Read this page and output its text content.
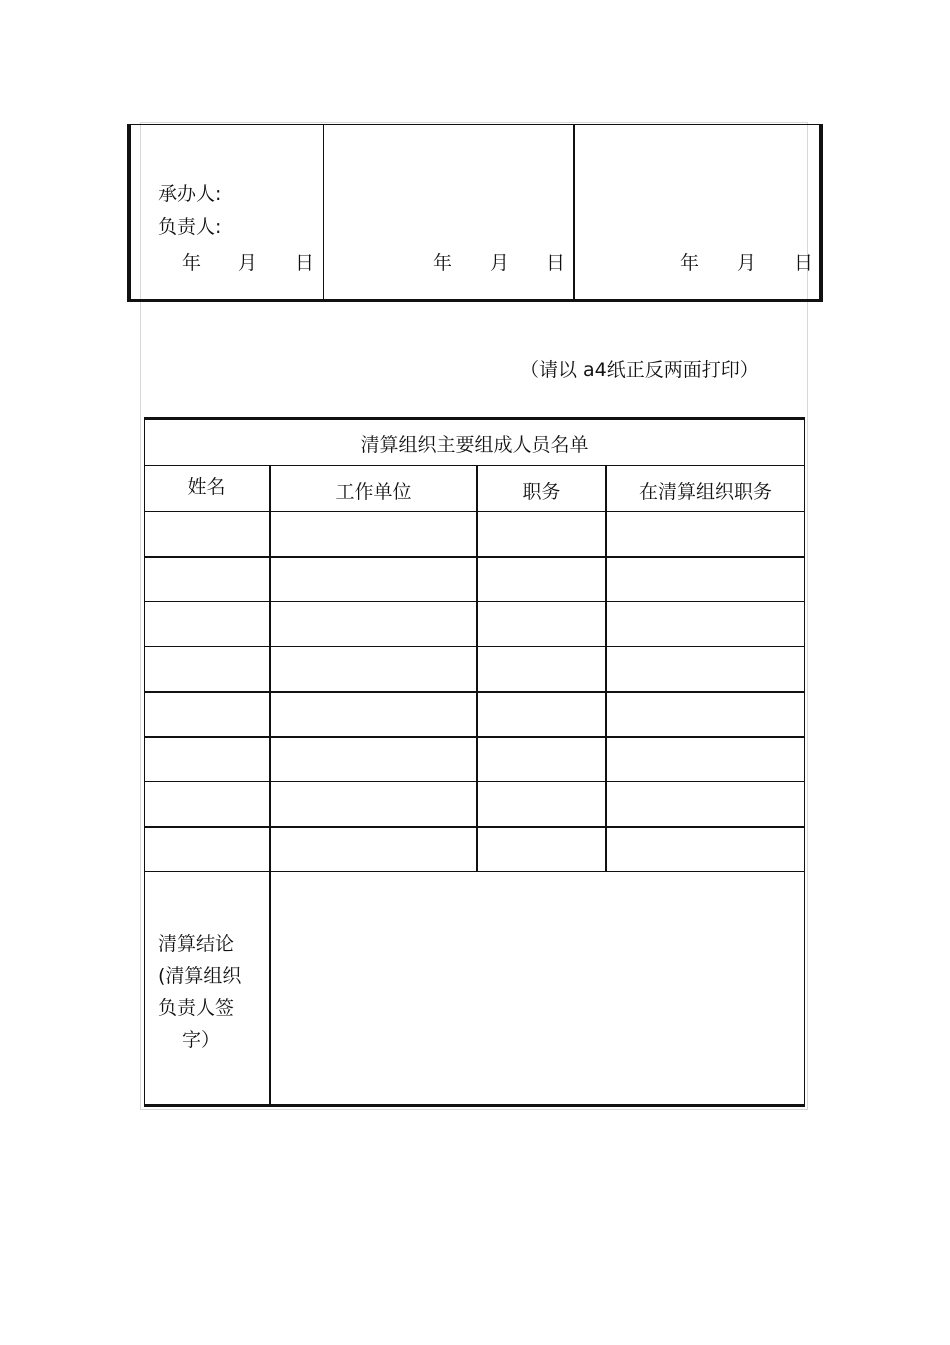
承办人:
负责人:
年 月 日	年 月 日	年 月 日
（请以 a4纸正反两面打印）
清算组织主要组成人员名单
姓名	工作单位	职务	在清算组织职务
清算结论
(清算组织
负责人签
字）
